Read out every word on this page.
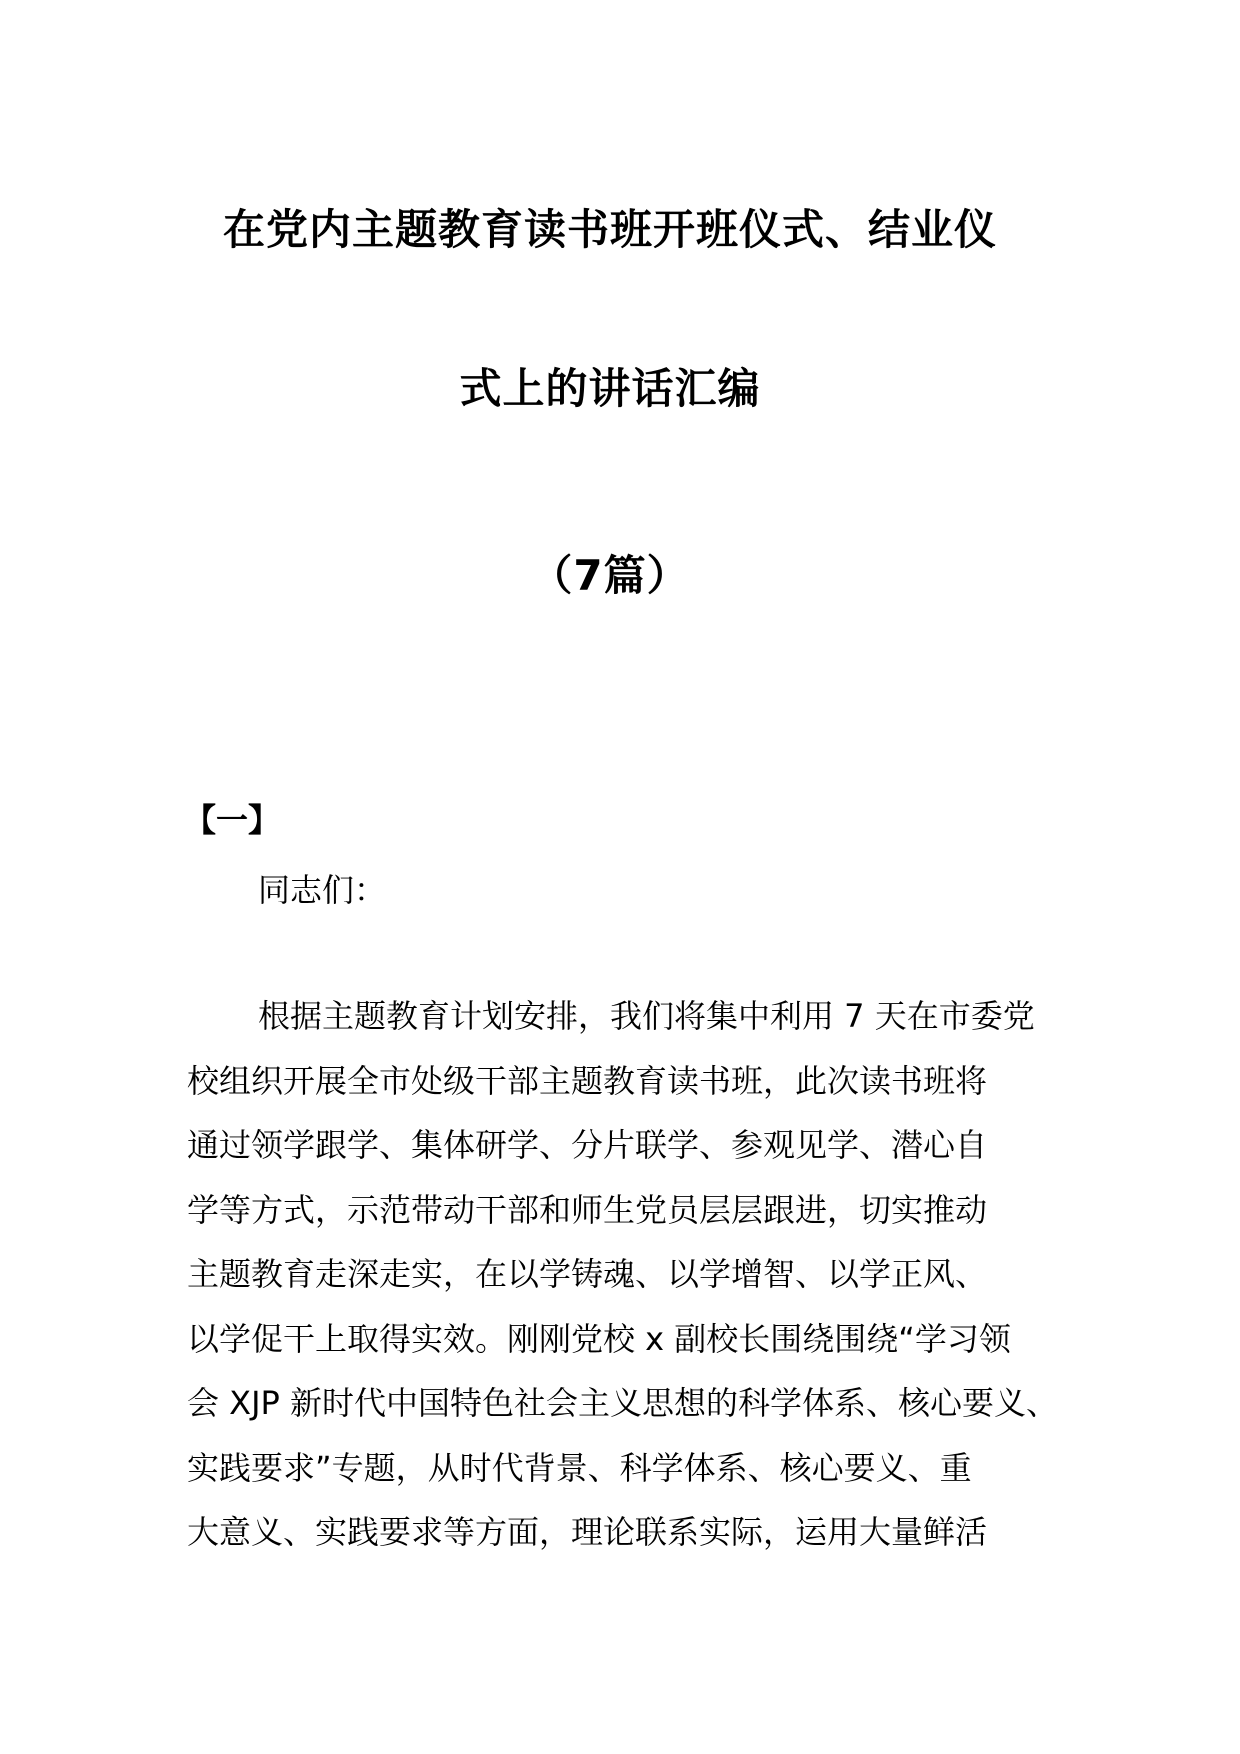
在党内主题教育读书班开班仪式、结业仪
式上的讲话汇编
（7篇）
【一】
同志们：
根据主题教育计划安排，我们将集中利用 7 天在市委党
校组织开展全市处级干部主题教育读书班，此次读书班将
通过领学跟学、集体研学、分片联学、参观见学、潜心自
学等方式，示范带动干部和师生党员层层跟进，切实推动
主题教育走深走实，在以学铸魂、以学增智、以学正风、
以学促干上取得实效。刚刚党校 x 副校长围绕围绕“学习领
会 XJP 新时代中国特色社会主义思想的科学体系、核心要义、
实践要求”专题，从时代背景、科学体系、核心要义、重
大意义、实践要求等方面，理论联系实际，运用大量鲜活
